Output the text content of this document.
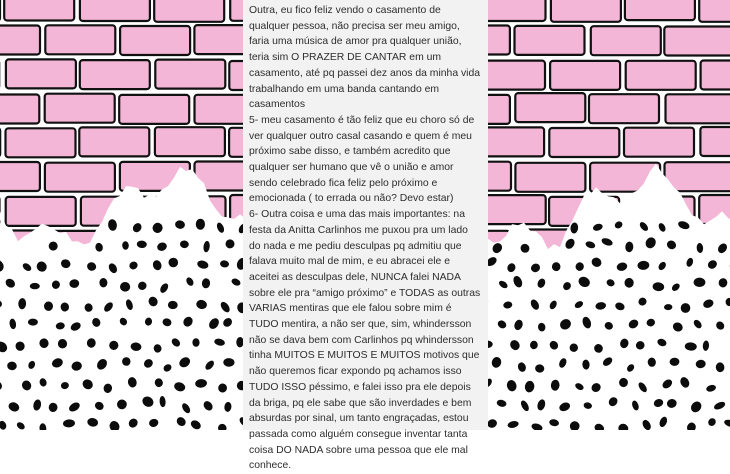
Outra, eu fico feliz vendo o casamento de qualquer pessoa, não precisa ser meu amigo, faria uma música de amor pra qualquer união, teria sim O PRAZER DE CANTAR em um casamento, até pq passei dez anos da minha vida trabalhando em uma banda cantando em casamentos

5- meu casamento é tão feliz que eu choro só de ver qualquer outro casal casando e quem é meu próximo sabe disso, e também acredito que qualquer ser humano que vê o união e amor sendo celebrado fica feliz pelo próximo e emocionada ( to errada ou não? Devo estar)

6- Outra coisa e uma das mais importantes: na festa da Anitta Carlinhos me puxou pra um lado do nada e me pediu desculpas pq admitiu que falava muito mal de mim, e eu abracei ele e aceitei as desculpas dele, NUNCA falei NADA sobre ele pra “amigo próximo” e TODAS as outras VARIAS mentiras que ele falou sobre mim é TUDO mentira, a não ser que, sim, whindersson não se dava bem com Carlinhos pq whindersson tinha MUITOS E MUITOS E MUITOS motivos que não queremos ficar expondo pq achamos isso TUDO ISSO péssimo, e falei isso pra ele depois da briga, pq ele sabe que são inverdades e bem absurdas por sinal, um tanto engraçadas, estou passada como alguém consegue inventar tanta coisa DO NADA sobre uma pessoa que ele mal conhece.
